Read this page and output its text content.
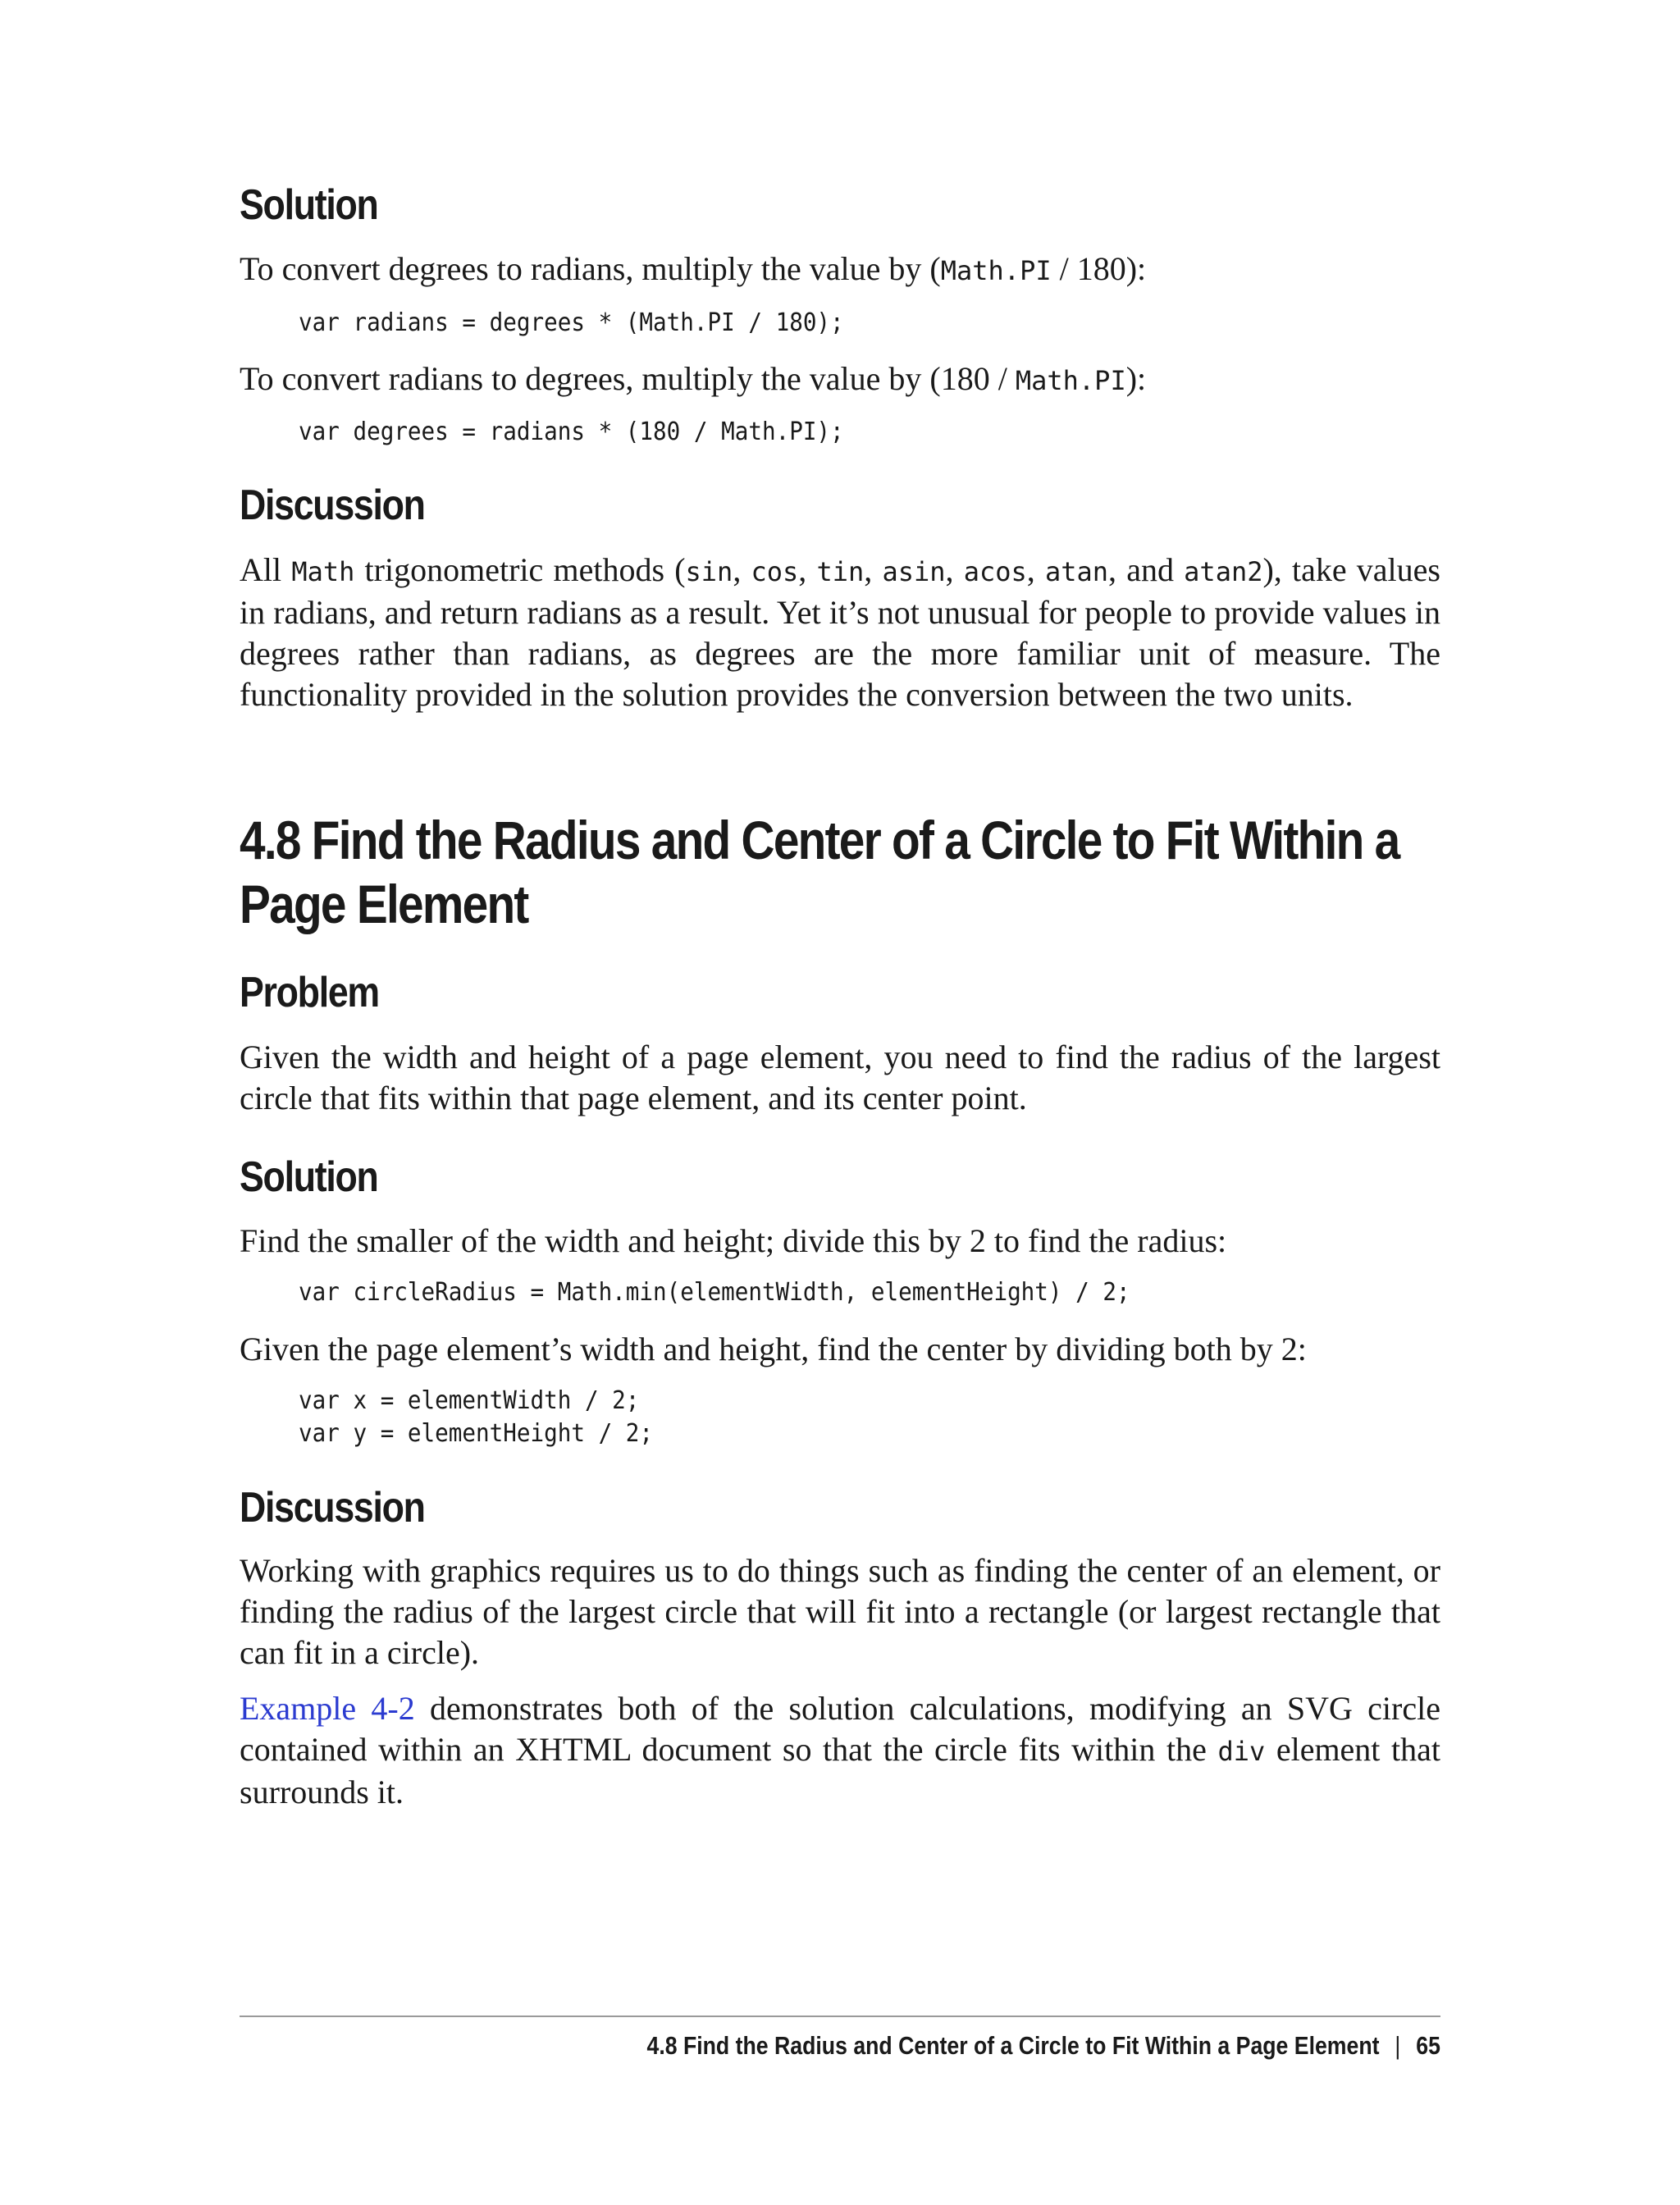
Solution

To convert degrees to radians, multiply the value by (Math.PI / 180):

var radians = degrees * (Math.PI / 180);

To convert radians to degrees, multiply the value by (180 / Math.PI):

var degrees = radians * (180 / Math.PI);
Discussion

All Math trigonometric methods (sin, cos, tin, asin, acos, atan, and atan2), take values in radians, and return radians as a result. Yet it’s not unusual for people to provide values in degrees rather than radians, as degrees are the more familiar unit of measure. The functionality provided in the solution provides the conversion between the two units.

4.8 Find the Radius and Center of a Circle to Fit Within a Page Element
Problem

Given the width and height of a page element, you need to find the radius of the largest circle that fits within that page element, and its center point.

Solution

Find the smaller of the width and height; divide this by 2 to find the radius:

var circleRadius = Math.min(elementWidth, elementHeight) / 2;

Given the page element’s width and height, find the center by dividing both by 2:

var x = elementWidth / 2;
var y = elementHeight / 2;
Discussion

Working with graphics requires us to do things such as finding the center of an element, or finding the radius of the largest circle that will fit into a rectangle (or largest rectangle that can fit in a circle).

Example 4-2 demonstrates both of the solution calculations, modifying an SVG circle contained within an XHTML document so that the circle fits within the div element that surrounds it.

4.8 Find the Radius and Center of a Circle to Fit Within a Page Element | 65
